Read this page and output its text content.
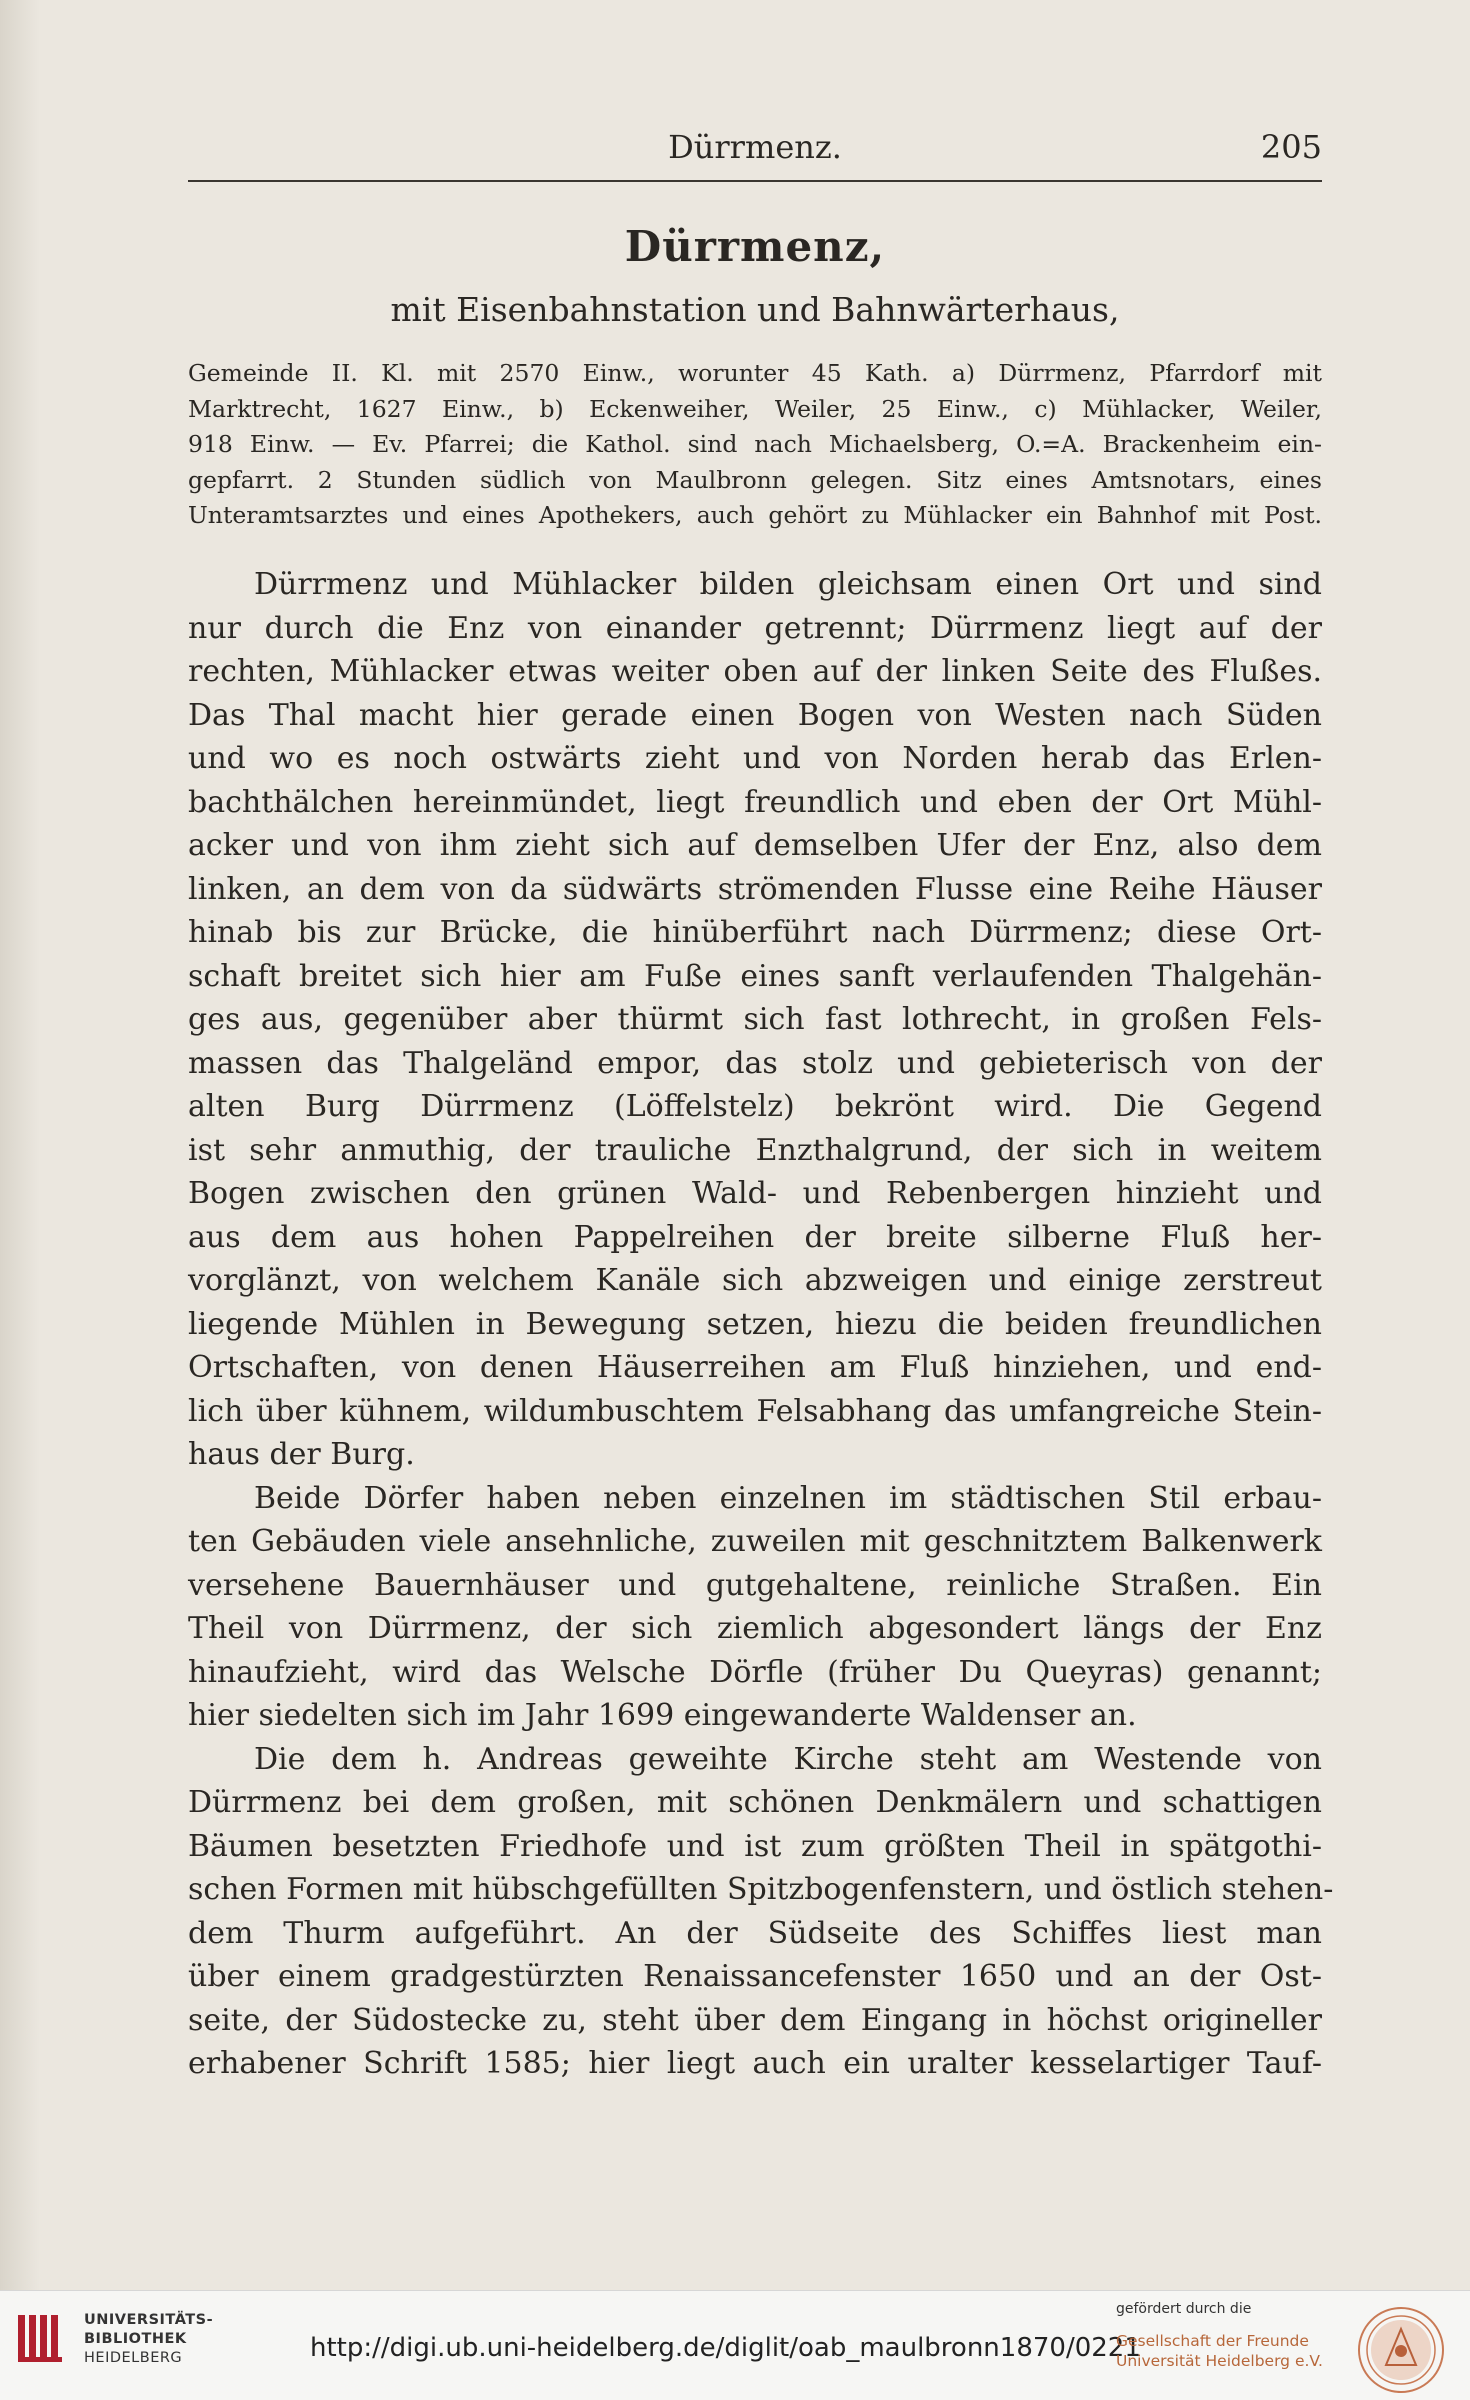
Dürrmenz.	205
Dürrmenz,
mit Eisenbahnstation und Bahnwärterhaus,
Gemeinde II. Kl. mit 2570 Einw., worunter 45 Kath. a) Dürrmenz, Pfarrdorf mit
Marktrecht, 1627 Einw., b) Eckenweiher, Weiler, 25 Einw., c) Mühlacker, Weiler,
918 Einw. — Ev. Pfarrei; die Kathol. sind nach Michaelsberg, O.=A. Brackenheim ein-
gepfarrt. 2 Stunden südlich von Maulbronn gelegen. Sitz eines Amtsnotars, eines
Unteramtsarztes und eines Apothekers, auch gehört zu Mühlacker ein Bahnhof mit Post.
Dürrmenz und Mühlacker bilden gleichsam einen Ort und sind
nur durch die Enz von einander getrennt; Dürrmenz liegt auf der
rechten, Mühlacker etwas weiter oben auf der linken Seite des Flußes.
Das Thal macht hier gerade einen Bogen von Westen nach Süden
und wo es noch ostwärts zieht und von Norden herab das Erlen-
bachthälchen hereinmündet, liegt freundlich und eben der Ort Mühl-
acker und von ihm zieht sich auf demselben Ufer der Enz, also dem
linken, an dem von da südwärts strömenden Flusse eine Reihe Häuser
hinab bis zur Brücke, die hinüberführt nach Dürrmenz; diese Ort-
schaft breitet sich hier am Fuße eines sanft verlaufenden Thalgehän-
ges aus, gegenüber aber thürmt sich fast lothrecht, in großen Fels-
massen das Thalgeländ empor, das stolz und gebieterisch von der
alten Burg Dürrmenz (Löffelstelz) bekrönt wird. Die Gegend
ist sehr anmuthig, der trauliche Enzthalgrund, der sich in weitem
Bogen zwischen den grünen Wald- und Rebenbergen hinzieht und
aus dem aus hohen Pappelreihen der breite silberne Fluß her-
vorglänzt, von welchem Kanäle sich abzweigen und einige zerstreut
liegende Mühlen in Bewegung setzen, hiezu die beiden freundlichen
Ortschaften, von denen Häuserreihen am Fluß hinziehen, und end-
lich über kühnem, wildumbuschtem Felsabhang das umfangreiche Stein-
haus der Burg.
Beide Dörfer haben neben einzelnen im städtischen Stil erbau-
ten Gebäuden viele ansehnliche, zuweilen mit geschnitztem Balkenwerk
versehene Bauernhäuser und gutgehaltene, reinliche Straßen. Ein
Theil von Dürrmenz, der sich ziemlich abgesondert längs der Enz
hinaufzieht, wird das Welsche Dörfle (früher Du Queyras) genannt;
hier siedelten sich im Jahr 1699 eingewanderte Waldenser an.
Die dem h. Andreas geweihte Kirche steht am Westende von
Dürrmenz bei dem großen, mit schönen Denkmälern und schattigen
Bäumen besetzten Friedhofe und ist zum größten Theil in spätgothi-
schen Formen mit hübschgefüllten Spitzbogenfenstern, und östlich stehen-
dem Thurm aufgeführt. An der Südseite des Schiffes liest man
über einem gradgestürzten Renaissancefenster 1650 und an der Ost-
seite, der Südostecke zu, steht über dem Eingang in höchst origineller
erhabener Schrift 1585; hier liegt auch ein uralter kesselartiger Tauf-
UNIVERSITÄTS-
BIBLIOTHEK
HEIDELBERG	http://digi.ub.uni-heidelberg.de/diglit/oab_maulbronn1870/0221
gefördert durch die
Gesellschaft der Freunde
Universität Heidelberg e.V.
